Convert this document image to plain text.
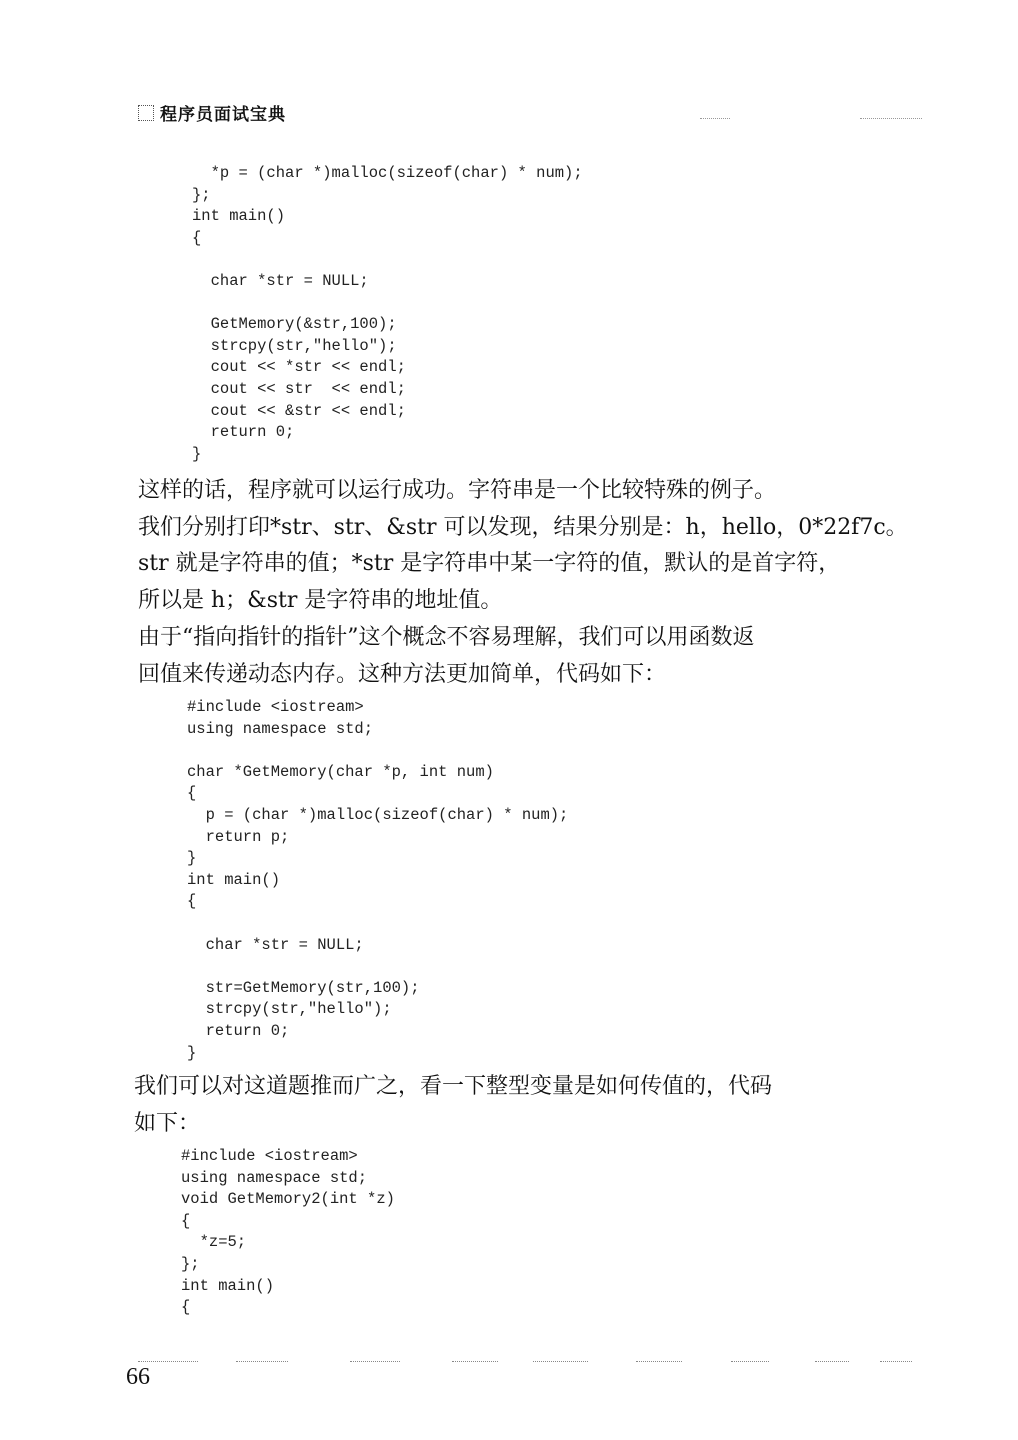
程序员面试宝典
*p = (char *)malloc(sizeof(char) * num);
};
int main()
{

char *str = NULL;

GetMemory(&str,100);
strcpy(str,"hello");
cout << *str << endl;
cout << str  << endl;
cout << &str << endl;
return 0;
}
这样的话，程序就可以运行成功。字符串是一个比较特殊的例子。
我们分别打印*str、str、&str 可以发现，结果分别是：h，hello，0*22f7c。
str 就是字符串的值；*str 是字符串中某一字符的值，默认的是首字符，
所以是 h；&str 是字符串的地址值。
由于“指向指针的指针”这个概念不容易理解，我们可以用函数返
回值来传递动态内存。这种方法更加简单，代码如下：
#include <iostream>
using namespace std;

char *GetMemory(char *p, int num)
{
p = (char *)malloc(sizeof(char) * num);
return p;
}
int main()
{

char *str = NULL;

str=GetMemory(str,100);
strcpy(str,"hello");
return 0;
}
我们可以对这道题推而广之，看一下整型变量是如何传值的，代码
如下：
#include <iostream>
using namespace std;
void GetMemory2(int *z)
{
*z=5;
};
int main()
{
66
